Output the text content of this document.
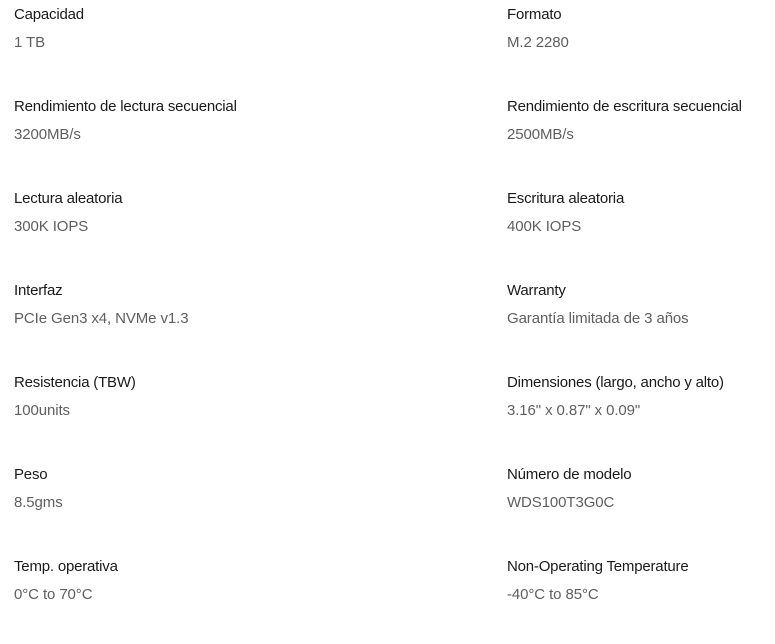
Capacidad
1 TB
Formato
M.2 2280
Rendimiento de lectura secuencial
3200MB/s
Rendimiento de escritura secuencial
2500MB/s
Lectura aleatoria
300K IOPS
Escritura aleatoria
400K IOPS
Interfaz
PCIe Gen3 x4, NVMe v1.3
Warranty
Garantía limitada de 3 años
Resistencia (TBW)
100units
Dimensiones (largo, ancho y alto)
3.16" x 0.87" x 0.09"
Peso
8.5gms
Número de modelo
WDS100T3G0C
Temp. operativa
0°C to 70°C
Non-Operating Temperature
-40°C to 85°C
